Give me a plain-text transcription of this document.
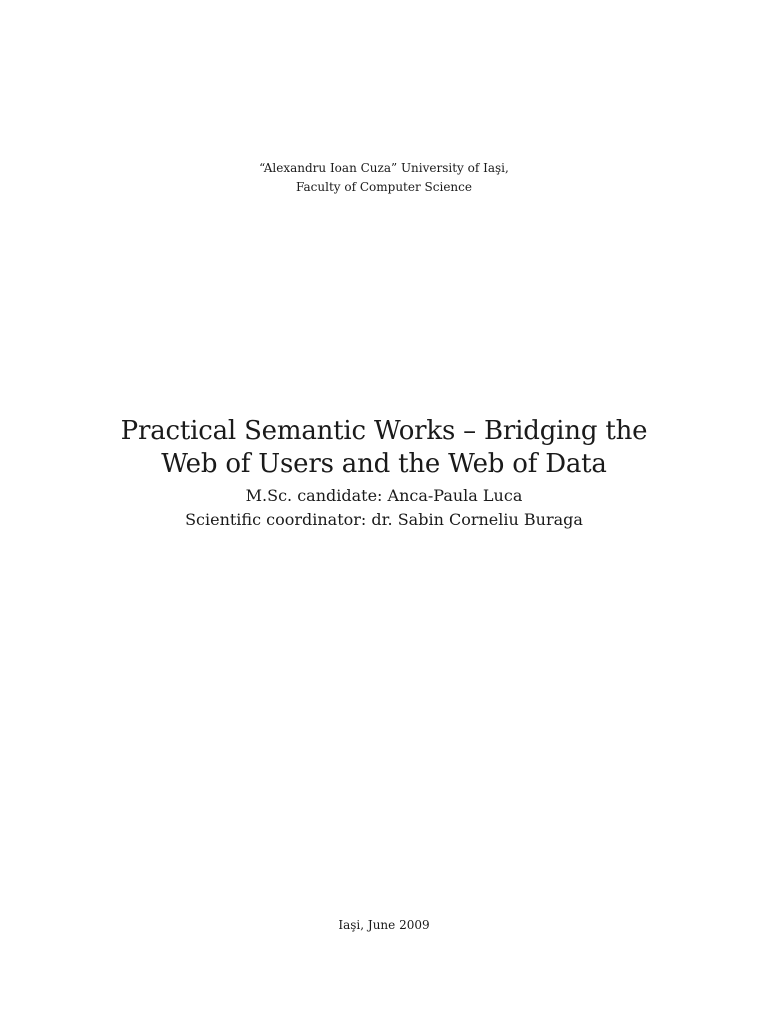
“Alexandru Ioan Cuza” University of Iaşi,
Faculty of Computer Science
Practical Semantic Works – Bridging the
Web of Users and the Web of Data
M.Sc. candidate: Anca-Paula Luca
Scientific coordinator: dr. Sabin Corneliu Buraga
Iaşi, June 2009
